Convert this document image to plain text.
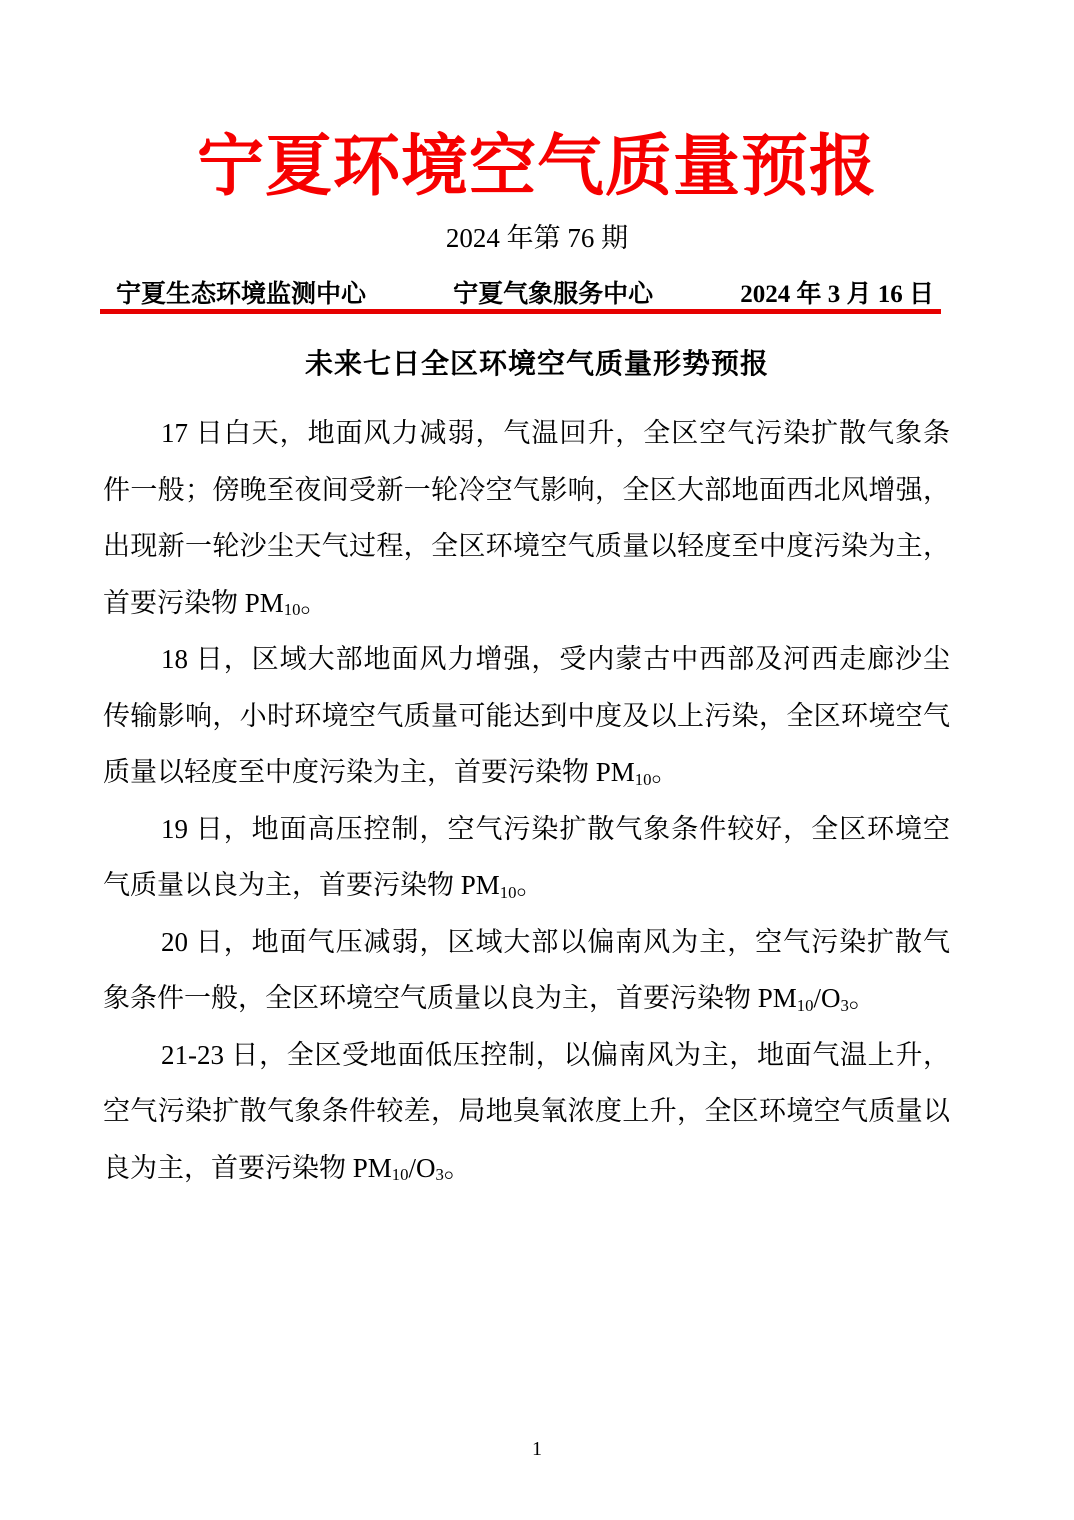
宁夏环境空气质量预报
2024 年第 76 期
宁夏生态环境监测中心	宁夏气象服务中心	2024 年 3 月 16 日
未来七日全区环境空气质量形势预报

17 日白天，地面风力减弱，气温回升，全区空气污染扩散气象条件一般；傍晚至夜间受新一轮冷空气影响，全区大部地面西北风增强，出现新一轮沙尘天气过程，全区环境空气质量以轻度至中度污染为主，首要污染物 $PM_{10}$。

18 日，区域大部地面风力增强，受内蒙古中西部及河西走廊沙尘传输影响，小时环境空气质量可能达到中度及以上污染，全区环境空气质量以轻度至中度污染为主，首要污染物 $PM_{10}$。

19 日，地面高压控制，空气污染扩散气象条件较好，全区环境空气质量以良为主，首要污染物 $PM_{10}$。

20 日，地面气压减弱，区域大部以偏南风为主，空气污染扩散气象条件一般，全区环境空气质量以良为主，首要污染物 $PM_{10}/O_3$。

21-23 日，全区受地面低压控制，以偏南风为主，地面气温上升，空气污染扩散气象条件较差，局地臭氧浓度上升，全区环境空气质量以良为主，首要污染物 $PM_{10}/O_3$。

1
